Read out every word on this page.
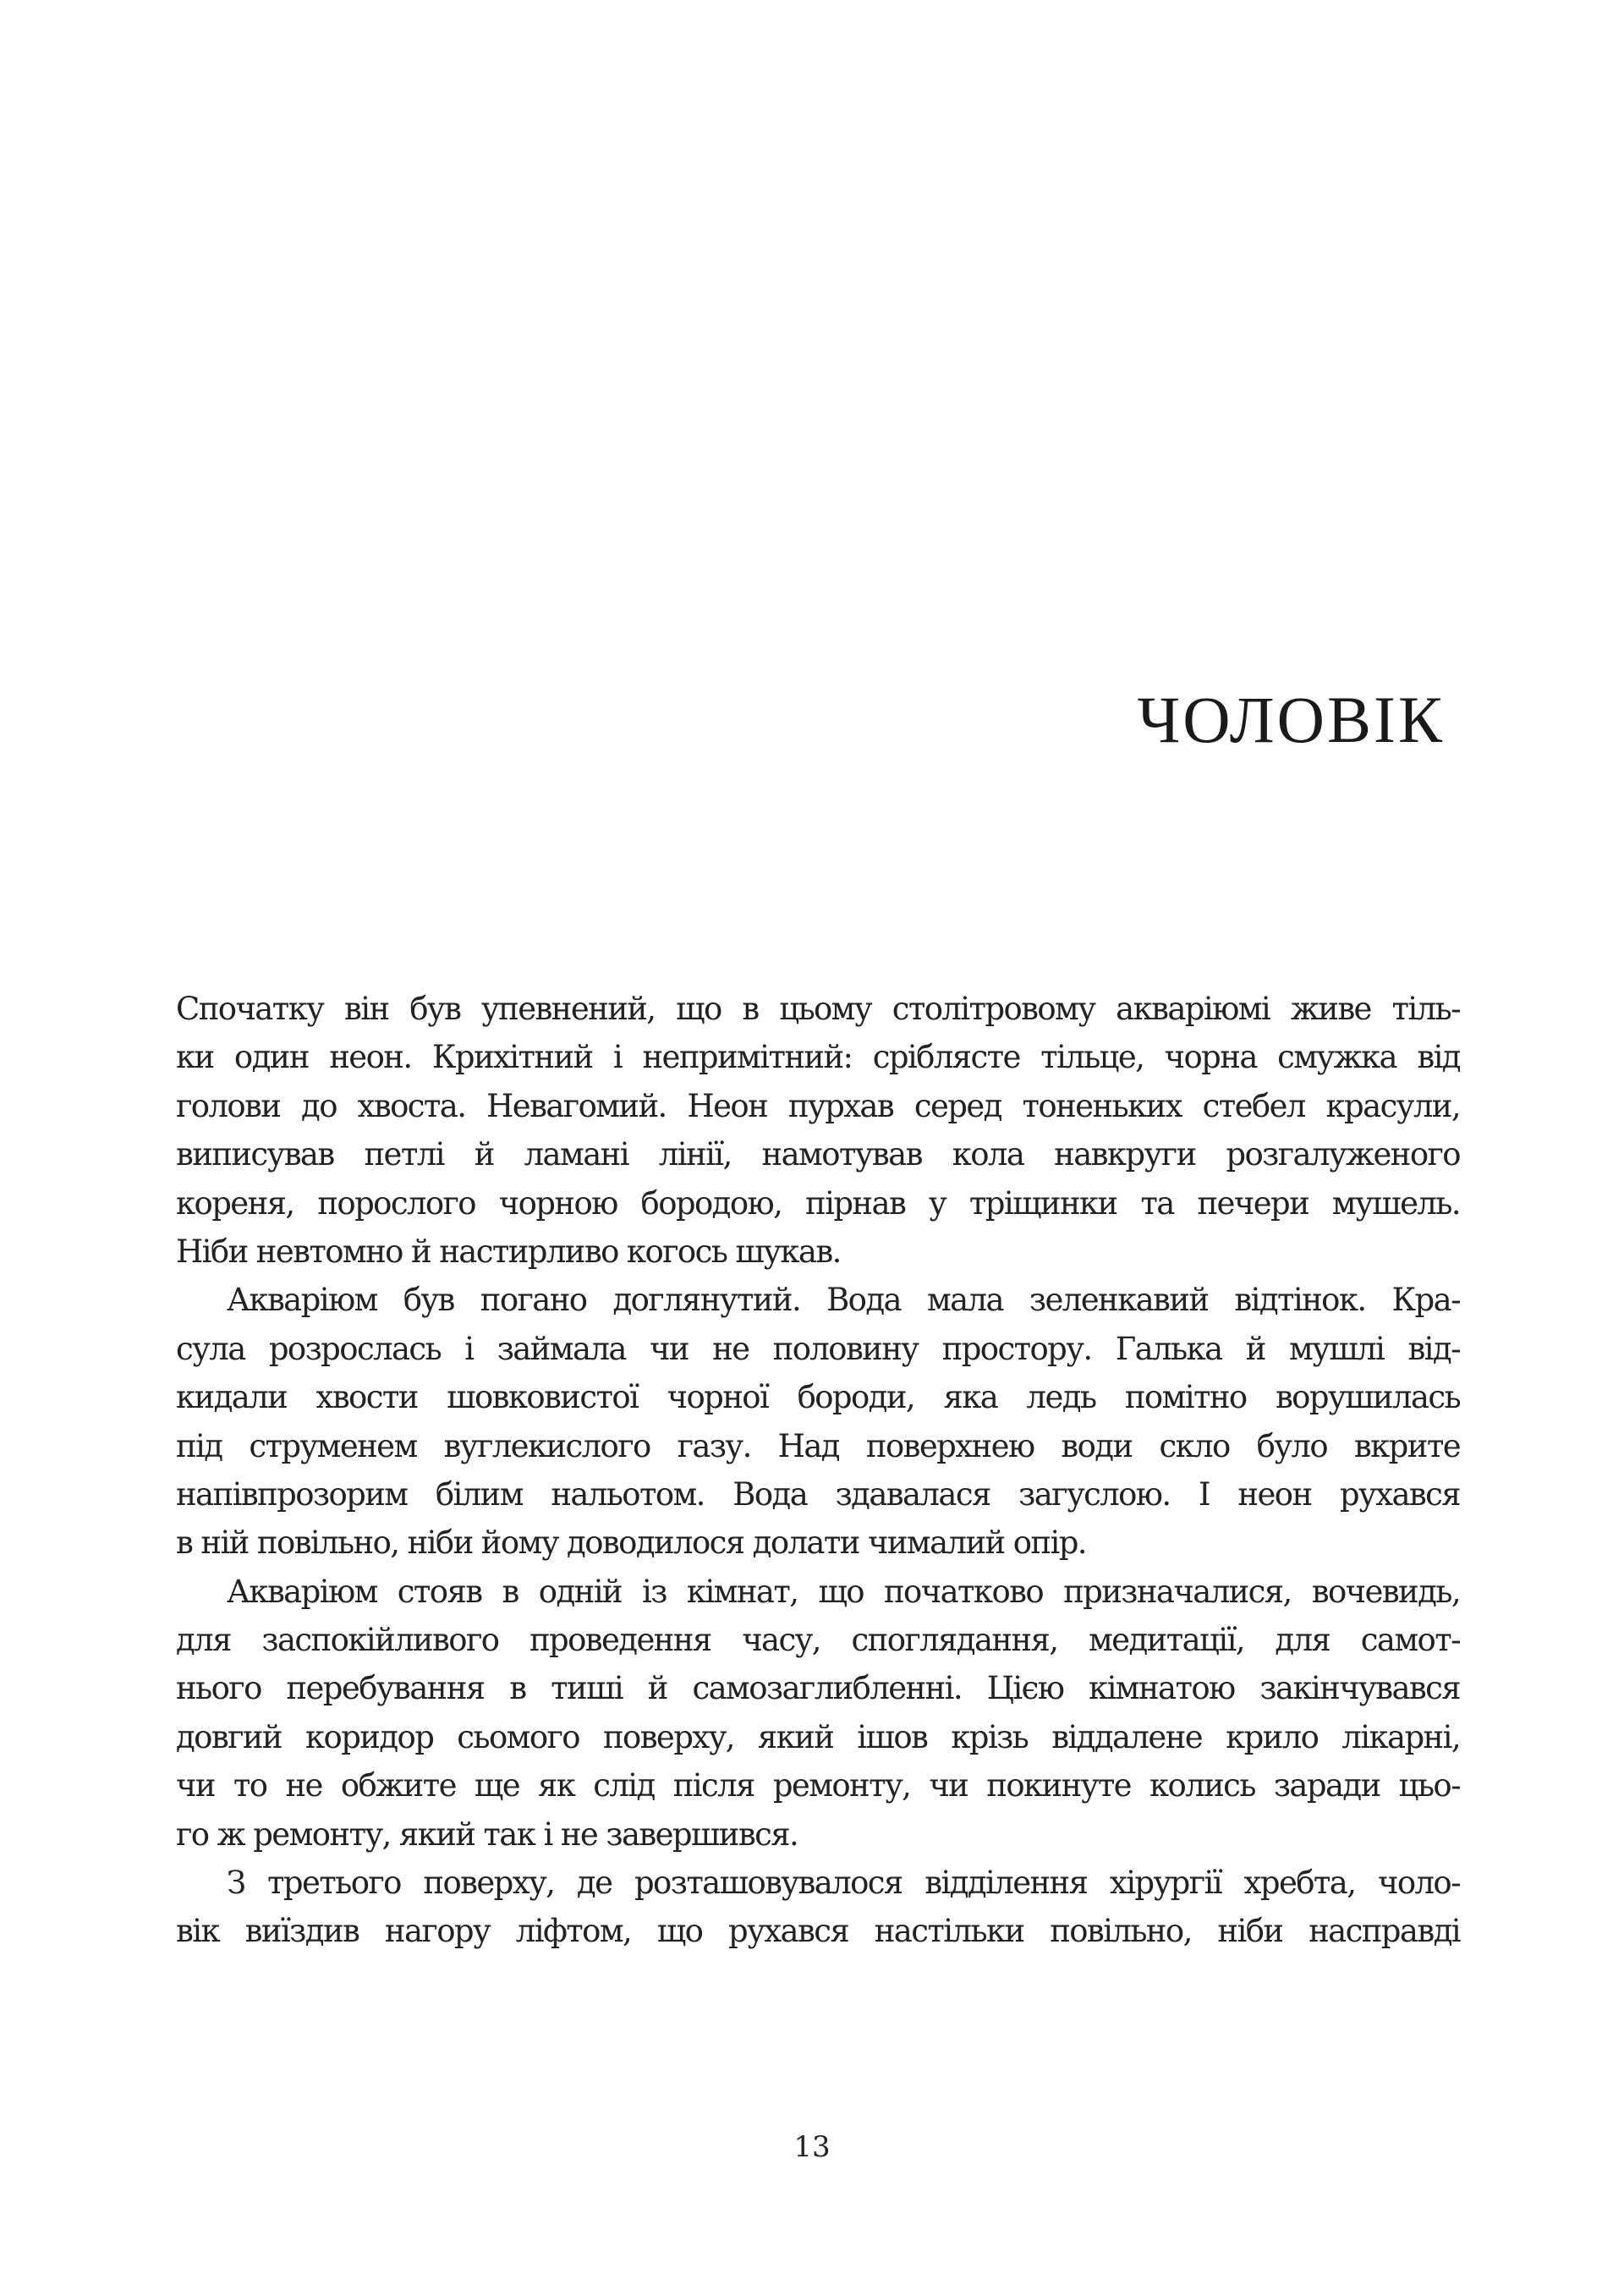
ЧОЛОВІК
Спочатку він був упевнений, що в цьому столітровому акваріюмі живе тіль-
ки один неон. Крихітний і непримітний: сріблясте тільце, чорна смужка від
голови до хвоста. Невагомий. Неон пурхав серед тоненьких стебел красули,
виписував петлі й ламані лінії, намотував кола навкруги розгалуженого
кореня, порослого чорною бородою, пірнав у тріщинки та печери мушель.
Ніби невтомно й настирливо когось шукав.
Акваріюм був погано доглянутий. Вода мала зеленкавий відтінок. Кра-
сула розрослась і займала чи не половину простору. Галька й мушлі від-
кидали хвости шовковистої чорної бороди, яка ледь помітно ворушилась
під струменем вуглекислого газу. Над поверхнею води скло було вкрите
напівпрозорим білим нальотом. Вода здавалася загуслою. І неон рухався
в ній повільно, ніби йому доводилося долати чималий опір.
Акваріюм стояв в одній із кімнат, що початково призначалися, вочевидь,
для заспокійливого проведення часу, споглядання, медитації, для самот-
нього перебування в тиші й самозаглибленні. Цією кімнатою закінчувався
довгий коридор сьомого поверху, який ішов крізь віддалене крило лікарні,
чи то не обжите ще як слід після ремонту, чи покинуте колись заради цьо-
го ж ремонту, який так і не завершився.
З третього поверху, де розташовувалося відділення хірургії хребта, чоло-
вік виїздив нагору ліфтом, що рухався настільки повільно, ніби насправді
13
